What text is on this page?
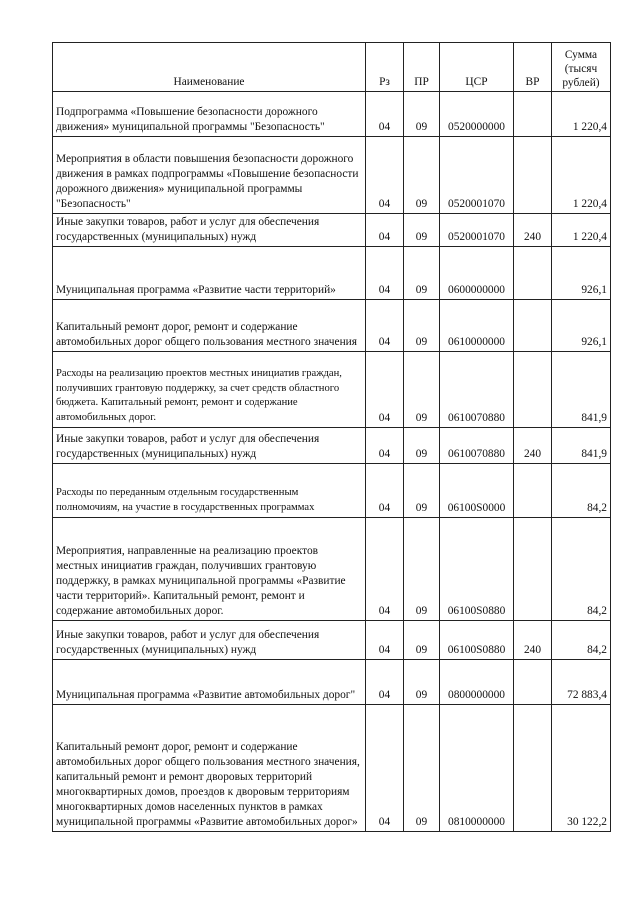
Наименование	Рз	ПР	ЦСР	ВР	Сумма (тысяч рублей)
Подпрограмма «Повышение безопасности дорожного движения» муниципальной программы "Безопасность"	04	09	0520000000		1 220,4
Мероприятия в области повышения безопасности дорожного движения в рамках подпрограммы «Повышение безопасности дорожного движения» муниципальной программы "Безопасность"	04	09	0520001070		1 220,4
Иные закупки товаров, работ и услуг для обеспечения государственных (муниципальных) нужд	04	09	0520001070	240	1 220,4
Муниципальная программа «Развитие части территорий»	04	09	0600000000		926,1
Капитальный ремонт дорог, ремонт и содержание автомобильных дорог общего пользования местного значения	04	09	0610000000		926,1
Расходы на реализацию проектов местных инициатив граждан, получивших грантовую поддержку, за счет средств областного бюджета. Капитальный ремонт, ремонт и содержание автомобильных дорог.	04	09	0610070880		841,9
Иные закупки товаров, работ и услуг для обеспечения государственных (муниципальных) нужд	04	09	0610070880	240	841,9
Расходы по переданным отдельным государственным полномочиям, на участие в государственных программах	04	09	06100S0000		84,2
Мероприятия, направленные на реализацию проектов местных инициатив граждан, получивших грантовую поддержку, в рамках муниципальной программы «Развитие части территорий». Капитальный ремонт, ремонт и содержание автомобильных дорог.	04	09	06100S0880		84,2
Иные закупки товаров, работ и услуг для обеспечения государственных (муниципальных) нужд	04	09	06100S0880	240	84,2
Муниципальная программа «Развитие автомобильных дорог"	04	09	0800000000		72 883,4
Капитальный ремонт дорог, ремонт и содержание автомобильных дорог общего пользования местного значения, капитальный ремонт и ремонт дворовых территорий многоквартирных домов, проездов к дворовым территориям многоквартирных домов населенных пунктов в рамках муниципальной программы «Развитие автомобильных дорог»	04	09	0810000000		30 122,2
